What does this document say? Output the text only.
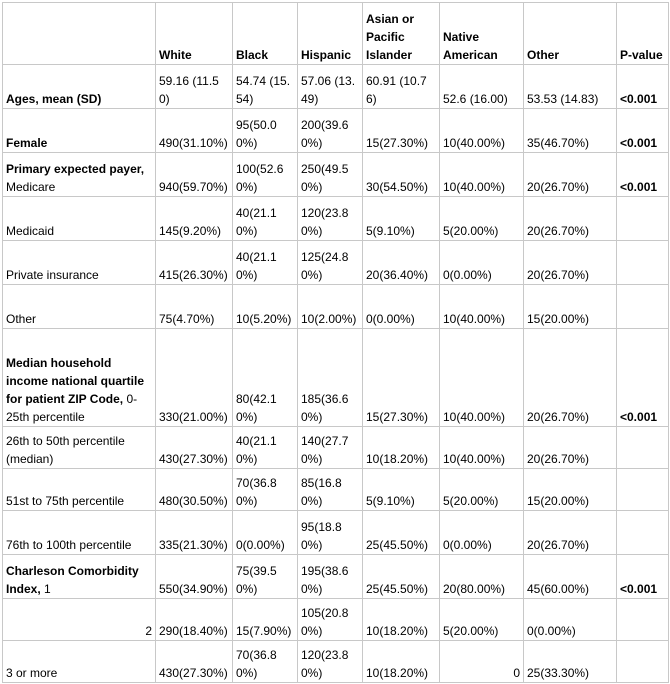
	White	Black	Hispanic	Asian or Pacific Islander	Native American	Other	P-value
Ages, mean (SD)	59.16 (11.50)	54.74 (15.54)	57.06 (13.49)	60.91 (10.76)	52.6 (16.00)	53.53 (14.83)	<0.001
Female	490(31.10%)	95(50.00%)	200(39.60%)	15(27.30%)	10(40.00%)	35(46.70%)	<0.001
Primary expected payer, Medicare	940(59.70%)	100(52.60%)	250(49.50%)	30(54.50%)	10(40.00%)	20(26.70%)	<0.001
Medicaid	145(9.20%)	40(21.10%)	120(23.80%)	5(9.10%)	5(20.00%)	20(26.70%)	
Private insurance	415(26.30%)	40(21.10%)	125(24.80%)	20(36.40%)	0(0.00%)	20(26.70%)	
Other	75(4.70%)	10(5.20%)	10(2.00%)	0(0.00%)	10(40.00%)	15(20.00%)	
Median household income national quartile for patient ZIP Code, 0-25th percentile	330(21.00%)	80(42.10%)	185(36.60%)	15(27.30%)	10(40.00%)	20(26.70%)	<0.001
26th to 50th percentile (median)	430(27.30%)	40(21.10%)	140(27.70%)	10(18.20%)	10(40.00%)	20(26.70%)	
51st to 75th percentile	480(30.50%)	70(36.80%)	85(16.80%)	5(9.10%)	5(20.00%)	15(20.00%)	
76th to 100th percentile	335(21.30%)	0(0.00%)	95(18.80%)	25(45.50%)	0(0.00%)	20(26.70%)	
Charleson Comorbidity Index, 1	550(34.90%)	75(39.50%)	195(38.60%)	25(45.50%)	20(80.00%)	45(60.00%)	<0.001
2	290(18.40%)	15(7.90%)	105(20.80%)	10(18.20%)	5(20.00%)	0(0.00%)	
3 or more	430(27.30%)	70(36.80%)	120(23.80%)	10(18.20%)	0	25(33.30%)	
